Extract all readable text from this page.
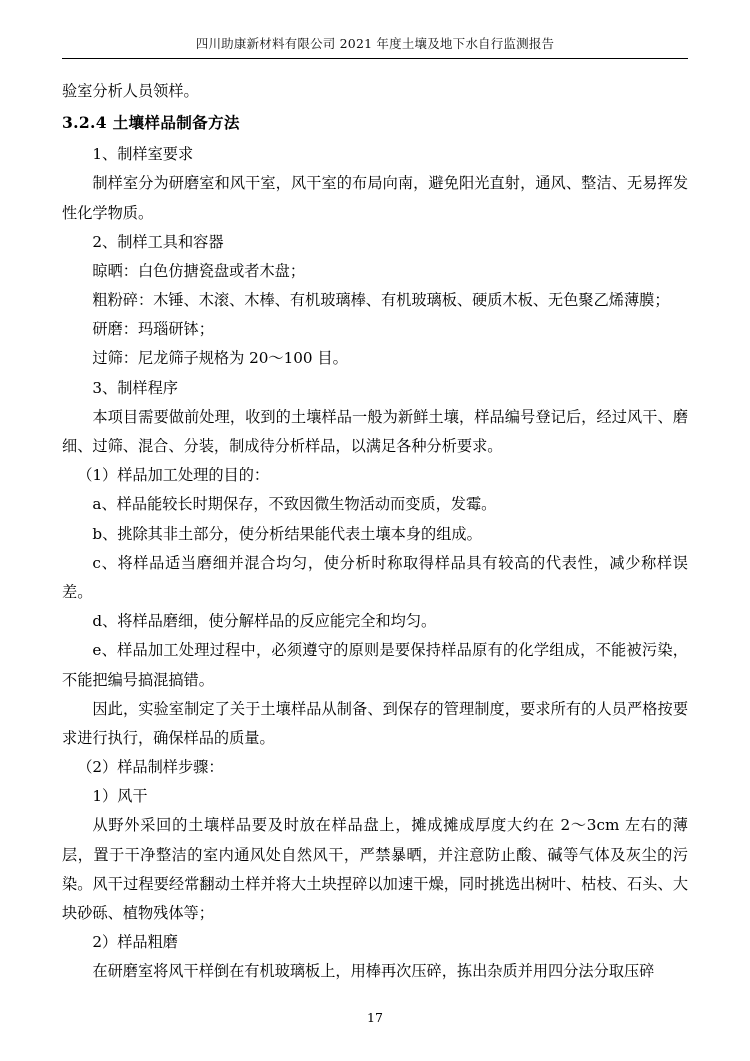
四川助康新材料有限公司 2021 年度土壤及地下水自行监测报告

验室分析人员领样。

3.2.4 土壤样品制备方法

1、制样室要求

制样室分为研磨室和风干室，风干室的布局向南，避免阳光直射，通风、整洁、无易挥发性化学物质。

2、制样工具和容器

晾晒：白色仿搪瓷盘或者木盘；

粗粉碎：木锤、木滚、木棒、有机玻璃棒、有机玻璃板、硬质木板、无色聚乙烯薄膜；

研磨：玛瑙研钵；

过筛：尼龙筛子规格为 20～100 目。

3、制样程序

本项目需要做前处理，收到的土壤样品一般为新鲜土壤，样品编号登记后，经过风干、磨细、过筛、混合、分装，制成待分析样品，以满足各种分析要求。

（1）样品加工处理的目的：

a、样品能较长时期保存，不致因微生物活动而变质，发霉。

b、挑除其非土部分，使分析结果能代表土壤本身的组成。

c、将样品适当磨细并混合均匀，使分析时称取得样品具有较高的代表性，减少称样误差。

d、将样品磨细，使分解样品的反应能完全和均匀。

e、样品加工处理过程中，必须遵守的原则是要保持样品原有的化学组成，不能被污染，不能把编号搞混搞错。

因此，实验室制定了关于土壤样品从制备、到保存的管理制度，要求所有的人员严格按要求进行执行，确保样品的质量。

（2）样品制样步骤：

1）风干

从野外采回的土壤样品要及时放在样品盘上，摊成摊成厚度大约在 2～3cm 左右的薄层，置于干净整洁的室内通风处自然风干，严禁暴晒，并注意防止酸、碱等气体及灰尘的污染。风干过程要经常翻动土样并将大土块捏碎以加速干燥，同时挑选出树叶、枯枝、石头、大块砂砾、植物残体等；

2）样品粗磨

在研磨室将风干样倒在有机玻璃板上，用棒再次压碎，拣出杂质并用四分法分取压碎

17
